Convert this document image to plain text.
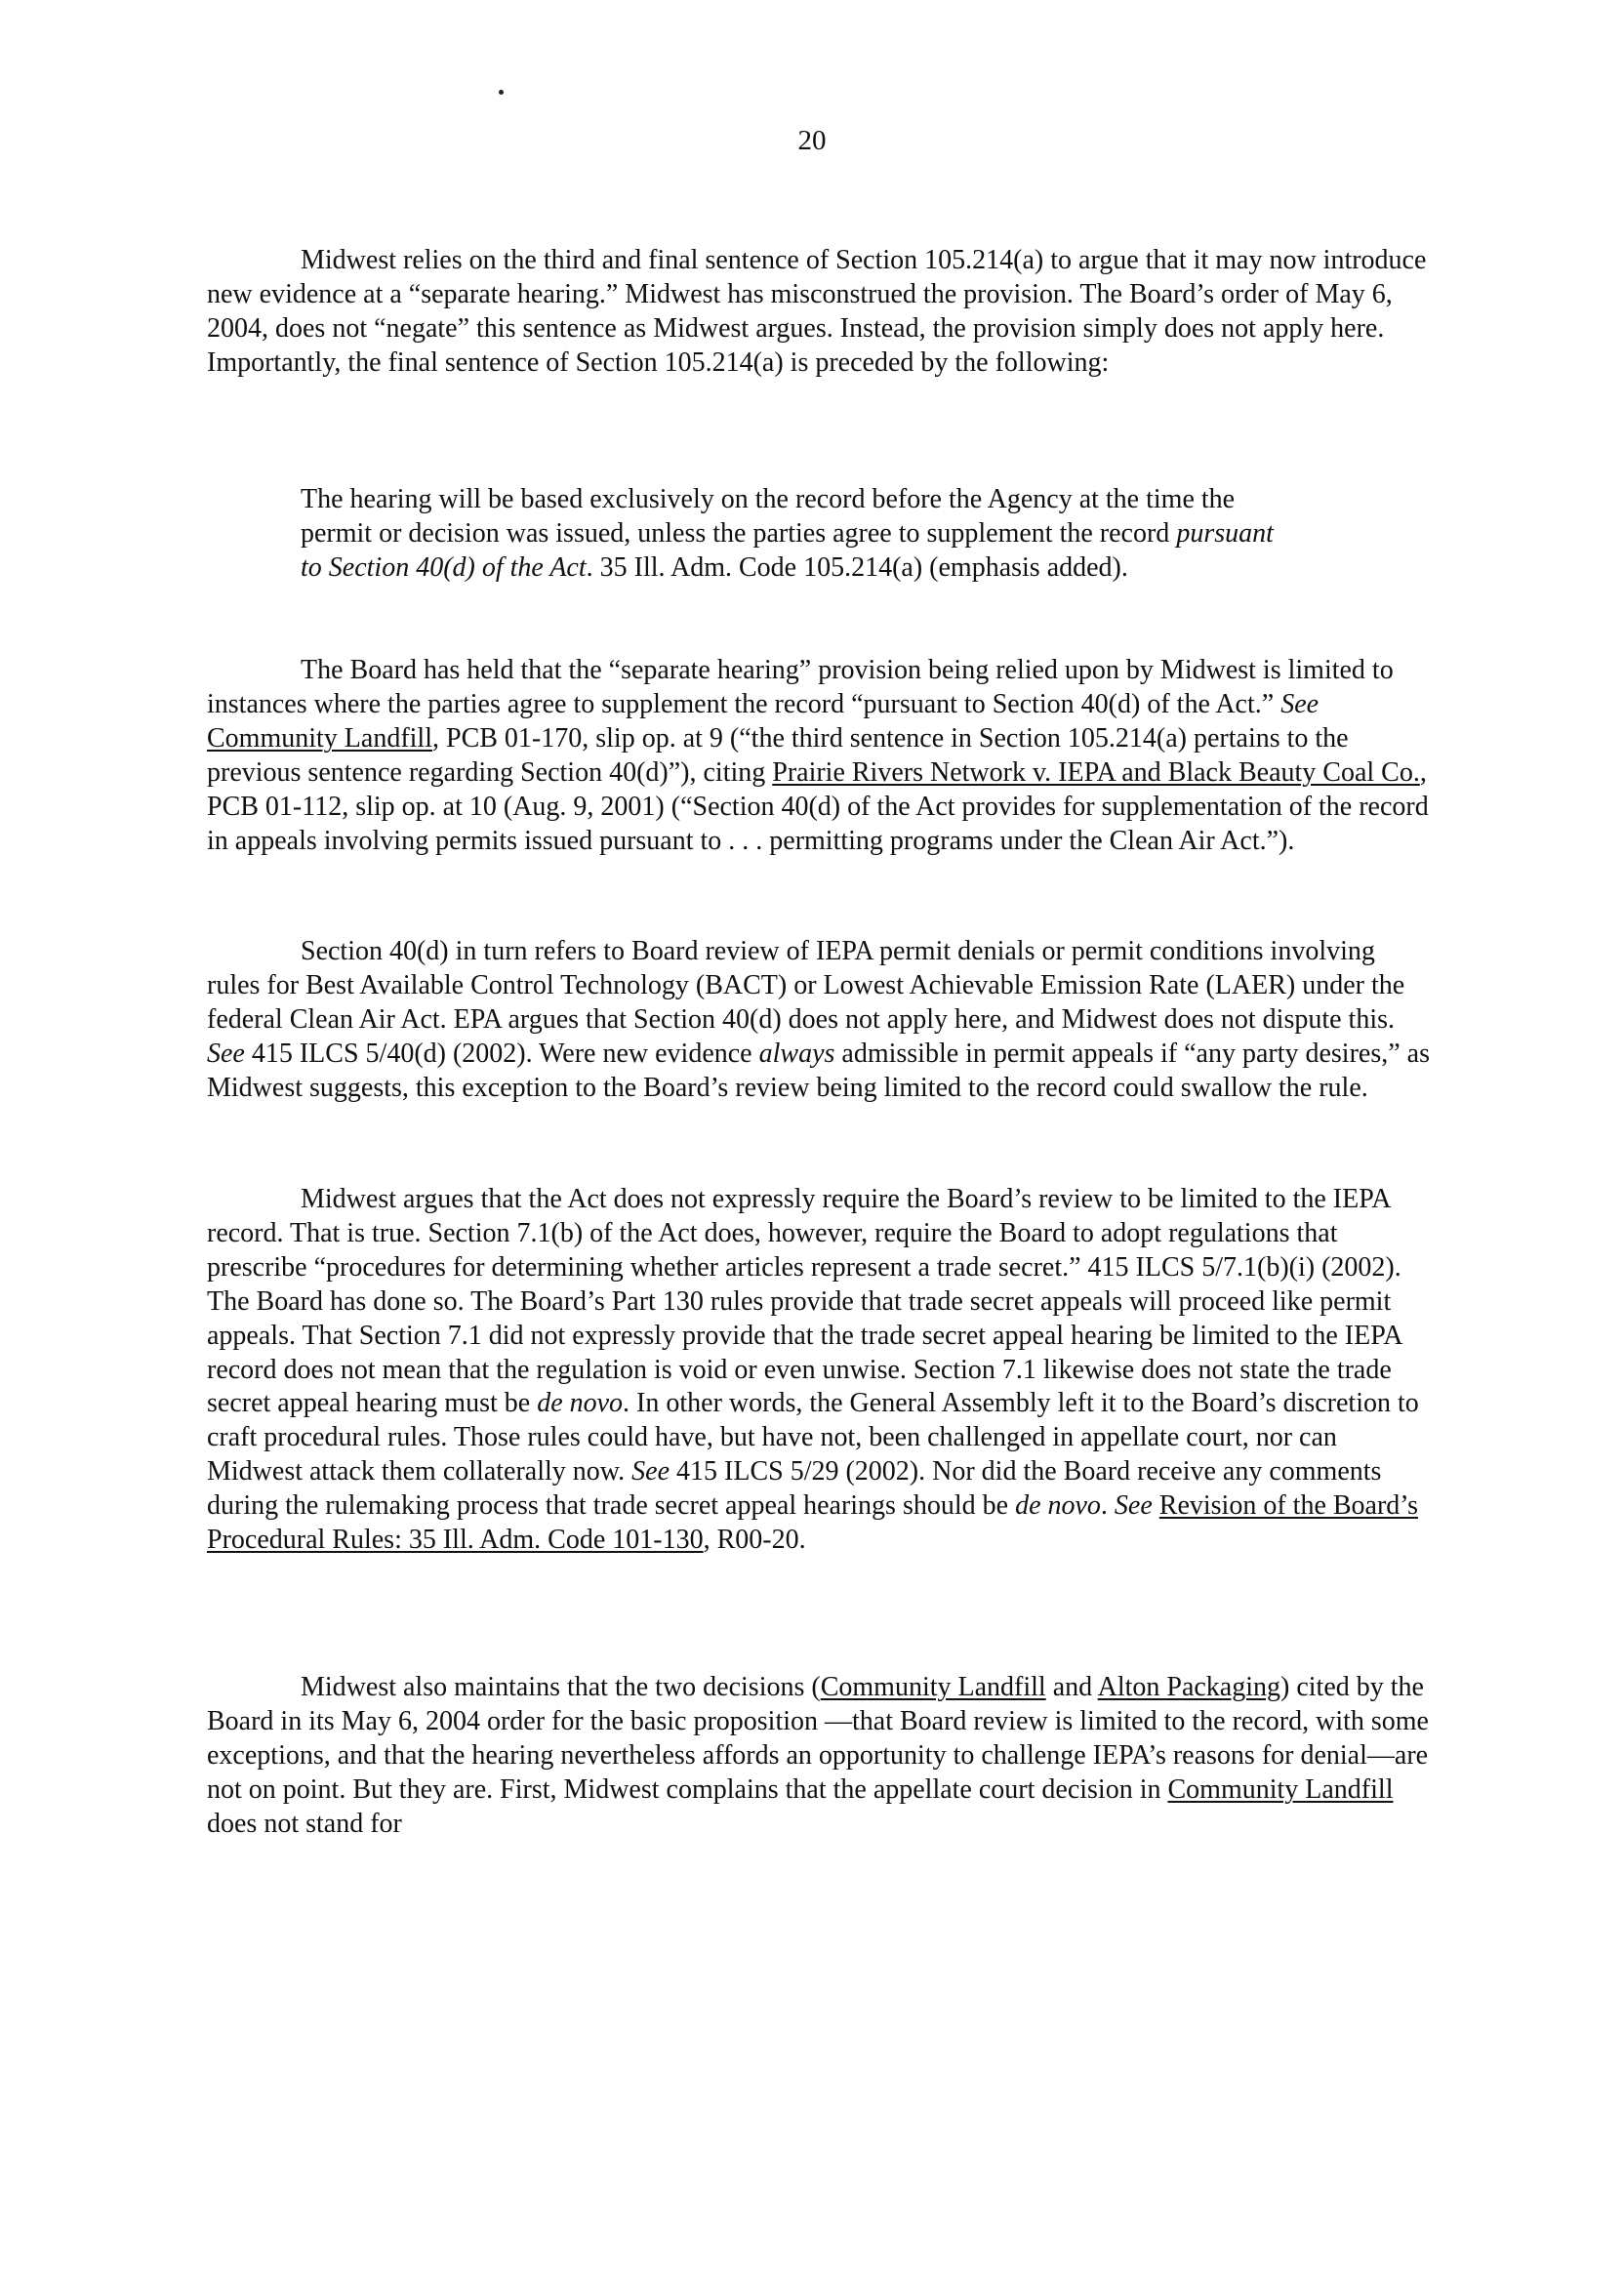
20

Midwest relies on the third and final sentence of Section 105.214(a) to argue that it may now introduce new evidence at a “separate hearing.” Midwest has misconstrued the provision. The Board’s order of May 6, 2004, does not “negate” this sentence as Midwest argues. Instead, the provision simply does not apply here. Importantly, the final sentence of Section 105.214(a) is preceded by the following:

The hearing will be based exclusively on the record before the Agency at the time the permit or decision was issued, unless the parties agree to supplement the record pursuant to Section 40(d) of the Act. 35 Ill. Adm. Code 105.214(a) (emphasis added).

The Board has held that the “separate hearing” provision being relied upon by Midwest is limited to instances where the parties agree to supplement the record “pursuant to Section 40(d) of the Act.” See Community Landfill, PCB 01-170, slip op. at 9 (“the third sentence in Section 105.214(a) pertains to the previous sentence regarding Section 40(d)”), citing Prairie Rivers Network v. IEPA and Black Beauty Coal Co., PCB 01-112, slip op. at 10 (Aug. 9, 2001) (“Section 40(d) of the Act provides for supplementation of the record in appeals involving permits issued pursuant to . . . permitting programs under the Clean Air Act.”).

Section 40(d) in turn refers to Board review of IEPA permit denials or permit conditions involving rules for Best Available Control Technology (BACT) or Lowest Achievable Emission Rate (LAER) under the federal Clean Air Act. EPA argues that Section 40(d) does not apply here, and Midwest does not dispute this. See 415 ILCS 5/40(d) (2002). Were new evidence always admissible in permit appeals if “any party desires,” as Midwest suggests, this exception to the Board’s review being limited to the record could swallow the rule.

Midwest argues that the Act does not expressly require the Board’s review to be limited to the IEPA record. That is true. Section 7.1(b) of the Act does, however, require the Board to adopt regulations that prescribe “procedures for determining whether articles represent a trade secret.” 415 ILCS 5/7.1(b)(i) (2002). The Board has done so. The Board’s Part 130 rules provide that trade secret appeals will proceed like permit appeals. That Section 7.1 did not expressly provide that the trade secret appeal hearing be limited to the IEPA record does not mean that the regulation is void or even unwise. Section 7.1 likewise does not state the trade secret appeal hearing must be de novo. In other words, the General Assembly left it to the Board’s discretion to craft procedural rules. Those rules could have, but have not, been challenged in appellate court, nor can Midwest attack them collaterally now. See 415 ILCS 5/29 (2002). Nor did the Board receive any comments during the rulemaking process that trade secret appeal hearings should be de novo. See Revision of the Board’s Procedural Rules: 35 Ill. Adm. Code 101-130, R00-20.

Midwest also maintains that the two decisions (Community Landfill and Alton Packaging) cited by the Board in its May 6, 2004 order for the basic proposition —that Board review is limited to the record, with some exceptions, and that the hearing nevertheless affords an opportunity to challenge IEPA’s reasons for denial—are not on point. But they are. First, Midwest complains that the appellate court decision in Community Landfill does not stand for
